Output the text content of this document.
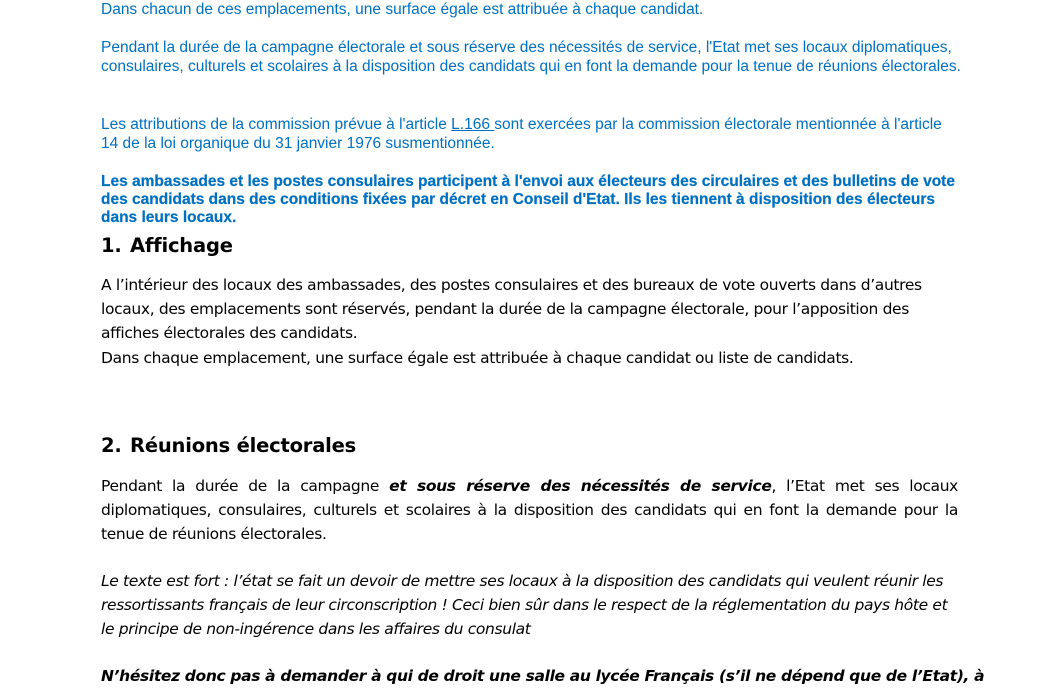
Dans chacun de ces emplacements, une surface égale est attribuée à chaque candidat.

Pendant la durée de la campagne électorale et sous réserve des nécessités de service, l'Etat met ses locaux diplomatiques, consulaires, culturels et scolaires à la disposition des candidats qui en font la demande pour la tenue de réunions électorales.

Les attributions de la commission prévue à l'article L.166 sont exercées par la commission électorale mentionnée à l'article 14 de la loi organique du 31 janvier 1976 susmentionnée.

Les ambassades et les postes consulaires participent à l'envoi aux électeurs des circulaires et des bulletins de vote des candidats dans des conditions fixées par décret en Conseil d'Etat. Ils les tiennent à disposition des électeurs dans leurs locaux.

1. Affichage

A l’intérieur des locaux des ambassades, des postes consulaires et des bureaux de vote ouverts dans d’autres locaux, des emplacements sont réservés, pendant la durée de la campagne électorale, pour l’apposition des affiches électorales des candidats.

Dans chaque emplacement, une surface égale est attribuée à chaque candidat ou liste de candidats.

2. Réunions électorales

Pendant la durée de la campagne et sous réserve des nécessités de service, l’Etat met ses locaux diplomatiques, consulaires, culturels et scolaires à la disposition des candidats qui en font la demande pour la tenue de réunions électorales.

Le texte est fort : l’état se fait un devoir de mettre ses locaux à la disposition des candidats qui veulent réunir les ressortissants français de leur circonscription ! Ceci bien sûr dans le respect de la réglementation du pays hôte et le principe de non-ingérence dans les affaires du consulat

N’hésitez donc pas à demander à qui de droit une salle au lycée Français (s’il ne dépend que de l’Etat), à
